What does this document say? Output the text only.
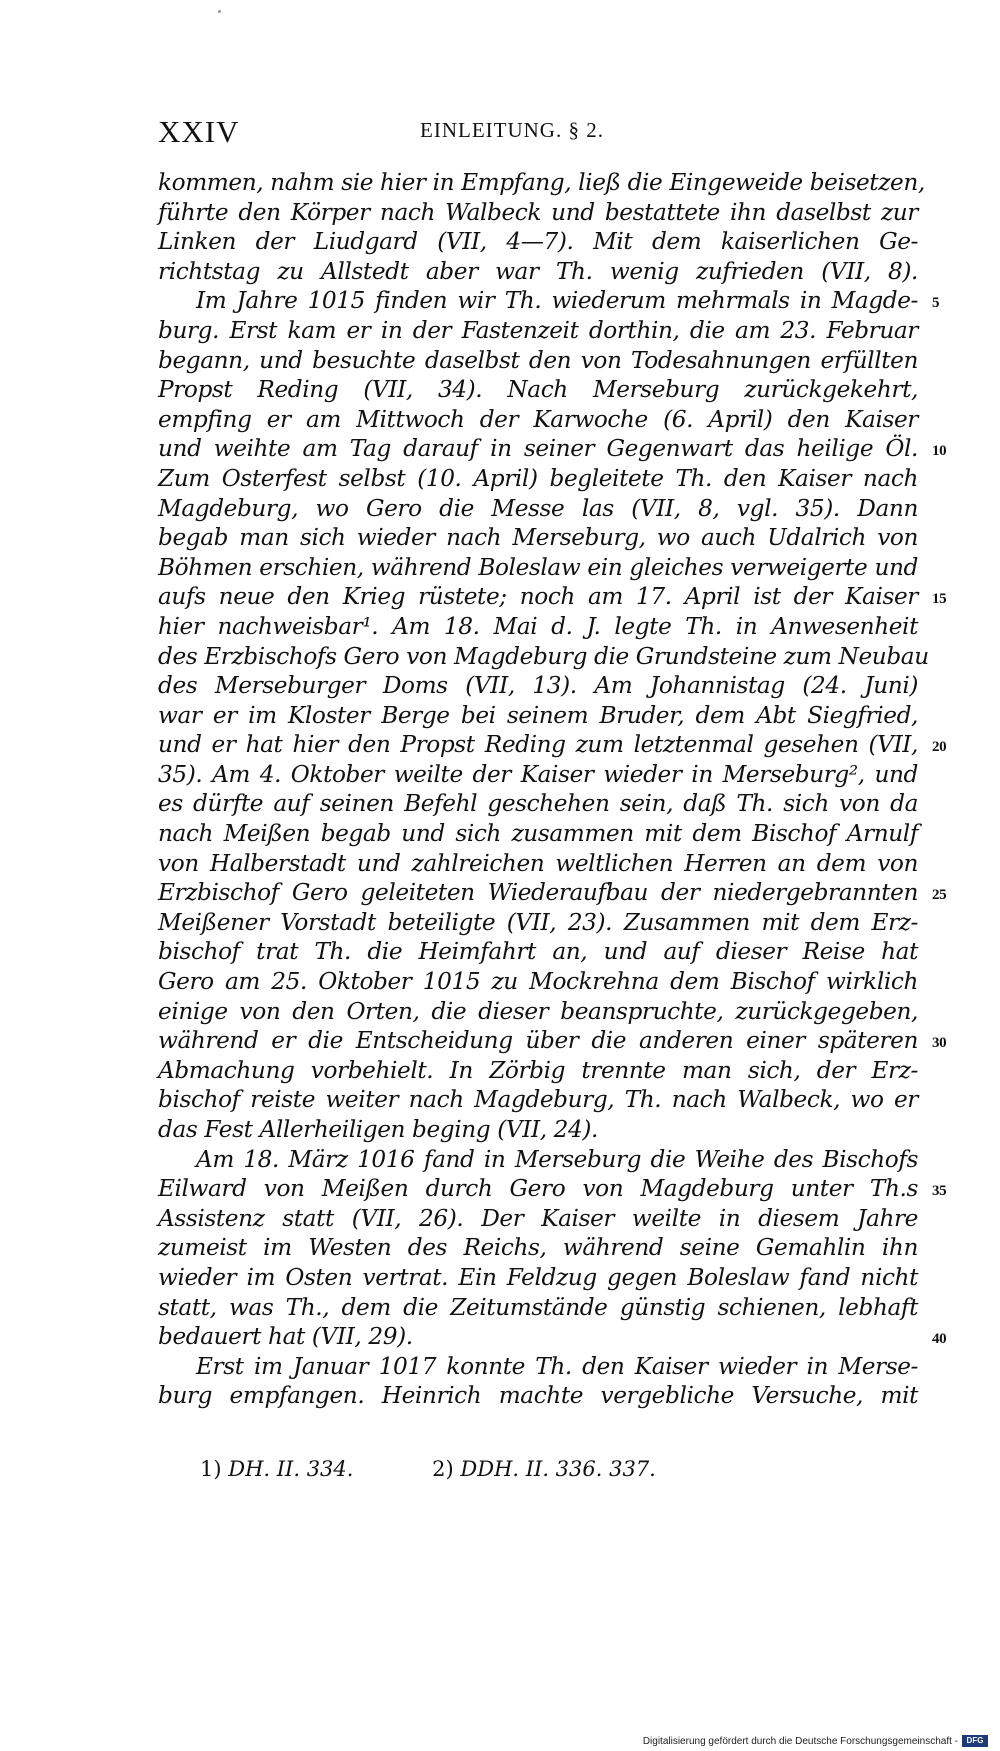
XXIV	EINLEITUNG. § 2.
kommen, nahm sie hier in Empfang, ließ die Eingeweide beisetzen,
führte den Körper nach Walbeck und bestattete ihn daselbst zur
Linken der Liudgard (VII, 4—7). Mit dem kaiserlichen Ge-
richtstag zu Allstedt aber war Th. wenig zufrieden (VII, 8).
Im Jahre 1015 finden wir Th. wiederum mehrmals in Magde- 5
burg. Erst kam er in der Fastenzeit dorthin, die am 23. Februar
begann, und besuchte daselbst den von Todesahnungen erfüllten
Propst Reding (VII, 34). Nach Merseburg zurückgekehrt,
empfing er am Mittwoch der Karwoche (6. April) den Kaiser
und weihte am Tag darauf in seiner Gegenwart das heilige Öl. 10
Zum Osterfest selbst (10. April) begleitete Th. den Kaiser nach
Magdeburg, wo Gero die Messe las (VII, 8, vgl. 35). Dann
begab man sich wieder nach Merseburg, wo auch Udalrich von
Böhmen erschien, während Boleslaw ein gleiches verweigerte und
aufs neue den Krieg rüstete; noch am 17. April ist der Kaiser 15
hier nachweisbar¹. Am 18. Mai d. J. legte Th. in Anwesenheit
des Erzbischofs Gero von Magdeburg die Grundsteine zum Neubau
des Merseburger Doms (VII, 13). Am Johannistag (24. Juni)
war er im Kloster Berge bei seinem Bruder, dem Abt Siegfried,
und er hat hier den Propst Reding zum letztenmal gesehen (VII, 20
35). Am 4. Oktober weilte der Kaiser wieder in Merseburg², und
es dürfte auf seinen Befehl geschehen sein, daß Th. sich von da
nach Meißen begab und sich zusammen mit dem Bischof Arnulf
von Halberstadt und zahlreichen weltlichen Herren an dem von
Erzbischof Gero geleiteten Wiederaufbau der niedergebrannten 25
Meißener Vorstadt beteiligte (VII, 23). Zusammen mit dem Erz-
bischof trat Th. die Heimfahrt an, und auf dieser Reise hat
Gero am 25. Oktober 1015 zu Mockrehna dem Bischof wirklich
einige von den Orten, die dieser beanspruchte, zurückgegeben,
während er die Entscheidung über die anderen einer späteren 30
Abmachung vorbehielt. In Zörbig trennte man sich, der Erz-
bischof reiste weiter nach Magdeburg, Th. nach Walbeck, wo er
das Fest Allerheiligen beging (VII, 24).
Am 18. März 1016 fand in Merseburg die Weihe des Bischofs
Eilward von Meißen durch Gero von Magdeburg unter Th.s 35
Assistenz statt (VII, 26). Der Kaiser weilte in diesem Jahre
zumeist im Westen des Reichs, während seine Gemahlin ihn
wieder im Osten vertrat. Ein Feldzug gegen Boleslaw fand nicht
statt, was Th., dem die Zeitumstände günstig schienen, lebhaft
bedauert hat (VII, 29).	40
Erst im Januar 1017 konnte Th. den Kaiser wieder in Merse-
burg empfangen. Heinrich machte vergebliche Versuche, mit
1) DH. II. 334.	2) DDH. II. 336. 337.
Digitalisierung gefördert durch die Deutsche Forschungsgemeinschaft -	DFG
